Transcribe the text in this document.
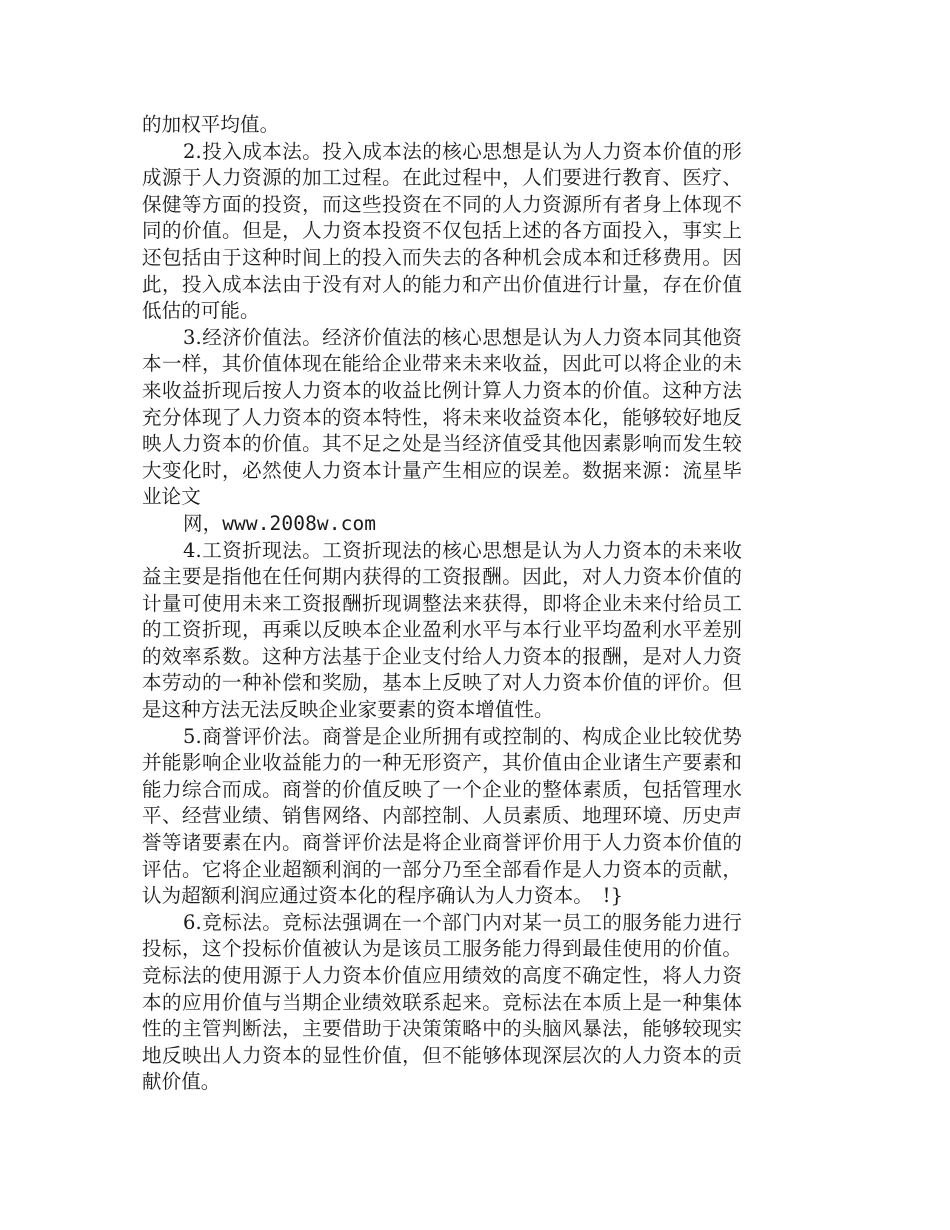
的加权平均值。

2.投入成本法。投入成本法的核心思想是认为人力资本价值的形成源于人力资源的加工过程。在此过程中，人们要进行教育、医疗、保健等方面的投资，而这些投资在不同的人力资源所有者身上体现不同的价值。但是，人力资本投资不仅包括上述的各方面投入，事实上还包括由于这种时间上的投入而失去的各种机会成本和迁移费用。因此，投入成本法由于没有对人的能力和产出价值进行计量，存在价值低估的可能。

3.经济价值法。经济价值法的核心思想是认为人力资本同其他资本一样，其价值体现在能给企业带来未来收益，因此可以将企业的未来收益折现后按人力资本的收益比例计算人力资本的价值。这种方法充分体现了人力资本的资本特性，将未来收益资本化，能够较好地反映人力资本的价值。其不足之处是当经济值受其他因素影响而发生较大变化时，必然使人力资本计量产生相应的误差。数据来源：流星毕业论文
网，www.2008w.com

4.工资折现法。工资折现法的核心思想是认为人力资本的未来收益主要是指他在任何期内获得的工资报酬。因此，对人力资本价值的计量可使用未来工资报酬折现调整法来获得，即将企业未来付给员工的工资折现，再乘以反映本企业盈利水平与本行业平均盈利水平差别的效率系数。这种方法基于企业支付给人力资本的报酬，是对人力资本劳动的一种补偿和奖励，基本上反映了对人力资本价值的评价。但是这种方法无法反映企业家要素的资本增值性。

5.商誉评价法。商誉是企业所拥有或控制的、构成企业比较优势并能影响企业收益能力的一种无形资产，其价值由企业诸生产要素和能力综合而成。商誉的价值反映了一个企业的整体素质，包括管理水平、经营业绩、销售网络、内部控制、人员素质、地理环境、历史声誉等诸要素在内。商誉评价法是将企业商誉评价用于人力资本价值的评估。它将企业超额利润的一部分乃至全部看作是人力资本的贡献，认为超额利润应通过资本化的程序确认为人力资本。　!}

6.竞标法。竞标法强调在一个部门内对某一员工的服务能力进行投标，这个投标价值被认为是该员工服务能力得到最佳使用的价值。竞标法的使用源于人力资本价值应用绩效的高度不确定性，将人力资本的应用价值与当期企业绩效联系起来。竞标法在本质上是一种集体性的主管判断法，主要借助于决策策略中的头脑风暴法，能够较现实地反映出人力资本的显性价值，但不能够体现深层次的人力资本的贡献价值。
